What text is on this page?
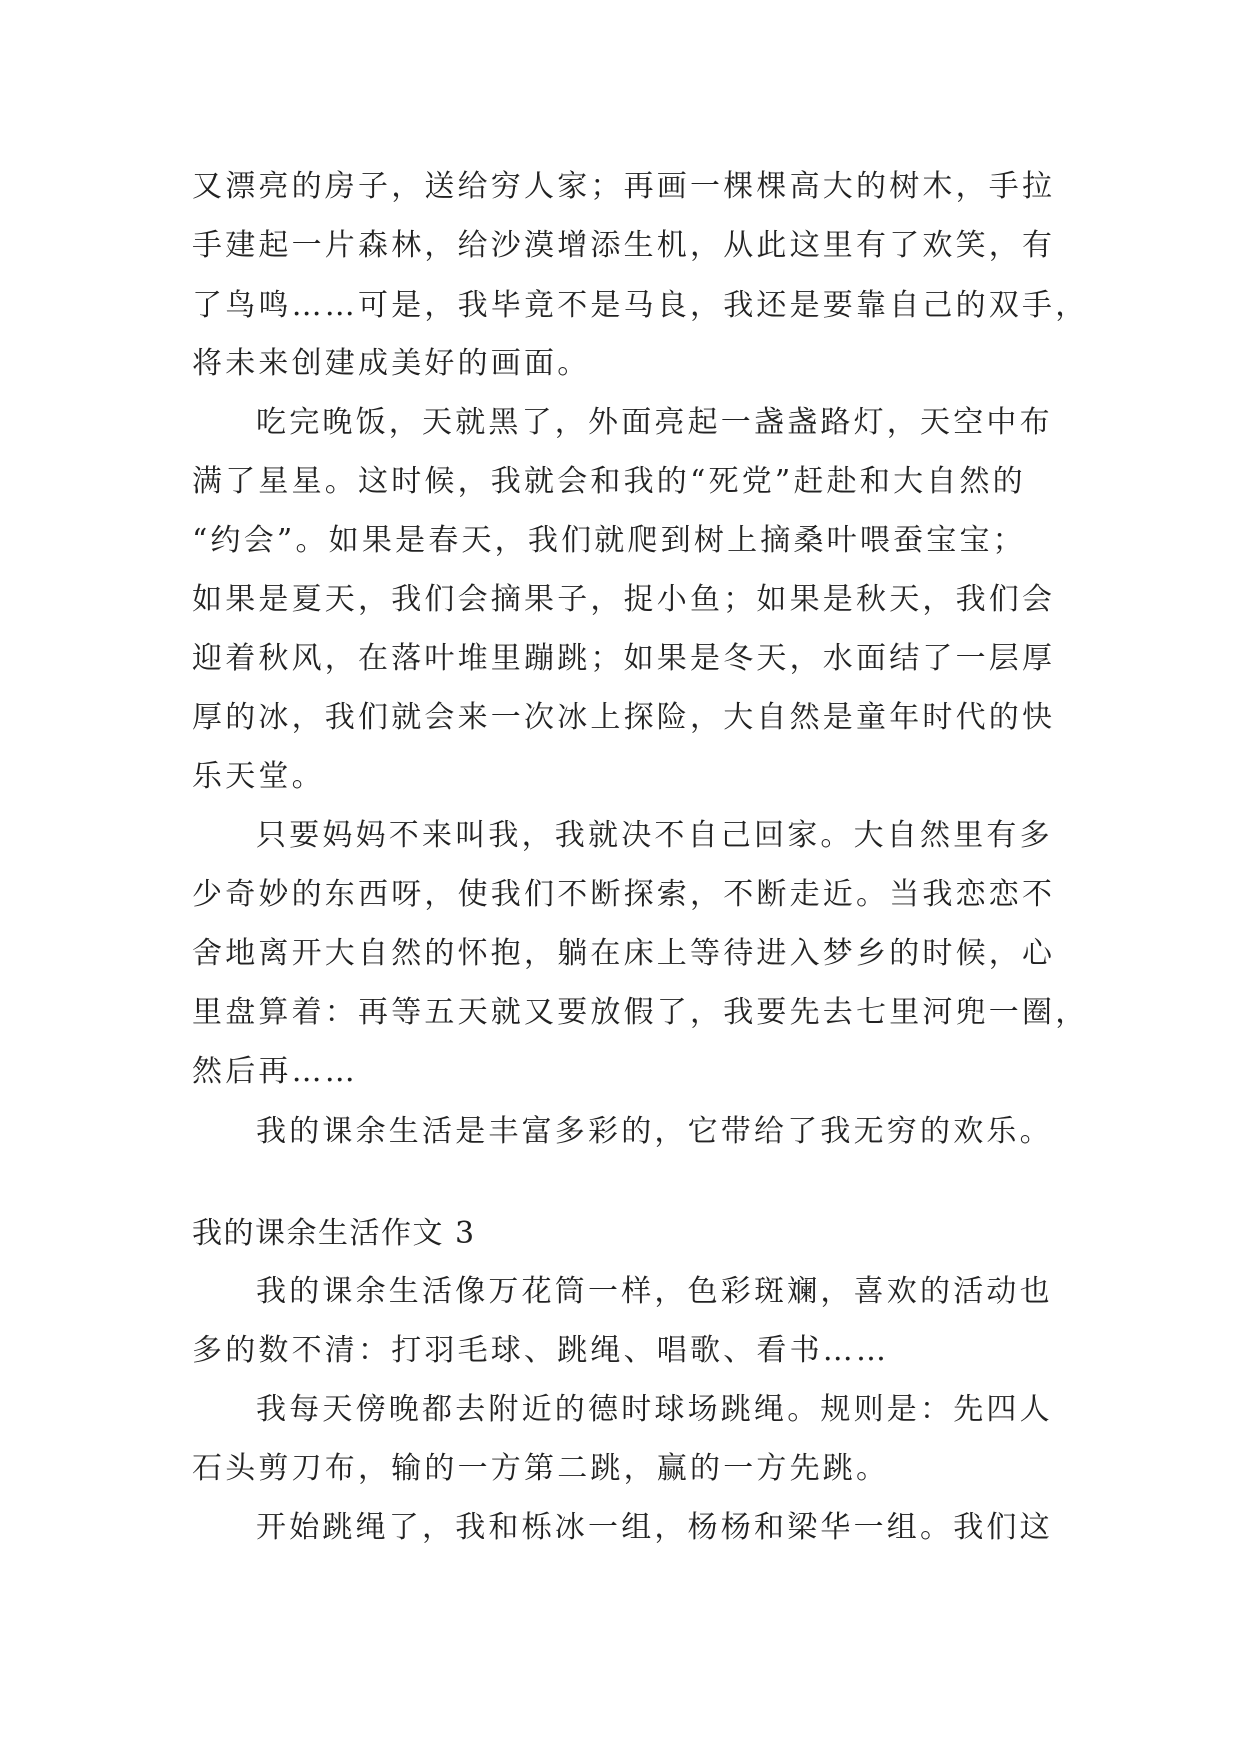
又漂亮的房子，送给穷人家；再画一棵棵高大的树木，手拉
手建起一片森林，给沙漠增添生机，从此这里有了欢笑，有
了鸟鸣……可是，我毕竟不是马良，我还是要靠自己的双手，
将未来创建成美好的画面。
吃完晚饭，天就黑了，外面亮起一盏盏路灯，天空中布
满了星星。这时候，我就会和我的“死党”赶赴和大自然的
“约会”。如果是春天，我们就爬到树上摘桑叶喂蚕宝宝；
如果是夏天，我们会摘果子，捉小鱼；如果是秋天，我们会
迎着秋风，在落叶堆里蹦跳；如果是冬天，水面结了一层厚
厚的冰，我们就会来一次冰上探险，大自然是童年时代的快
乐天堂。
只要妈妈不来叫我，我就决不自己回家。大自然里有多
少奇妙的东西呀，使我们不断探索，不断走近。当我恋恋不
舍地离开大自然的怀抱，躺在床上等待进入梦乡的时候，心
里盘算着：再等五天就又要放假了，我要先去七里河兜一圈，
然后再……
我的课余生活是丰富多彩的，它带给了我无穷的欢乐。
我的课余生活作文 3
我的课余生活像万花筒一样，色彩斑斓，喜欢的活动也
多的数不清：打羽毛球、跳绳、唱歌、看书……
我每天傍晚都去附近的德时球场跳绳。规则是：先四人
石头剪刀布，输的一方第二跳，赢的一方先跳。
开始跳绳了，我和栎冰一组，杨杨和梁华一组。我们这
